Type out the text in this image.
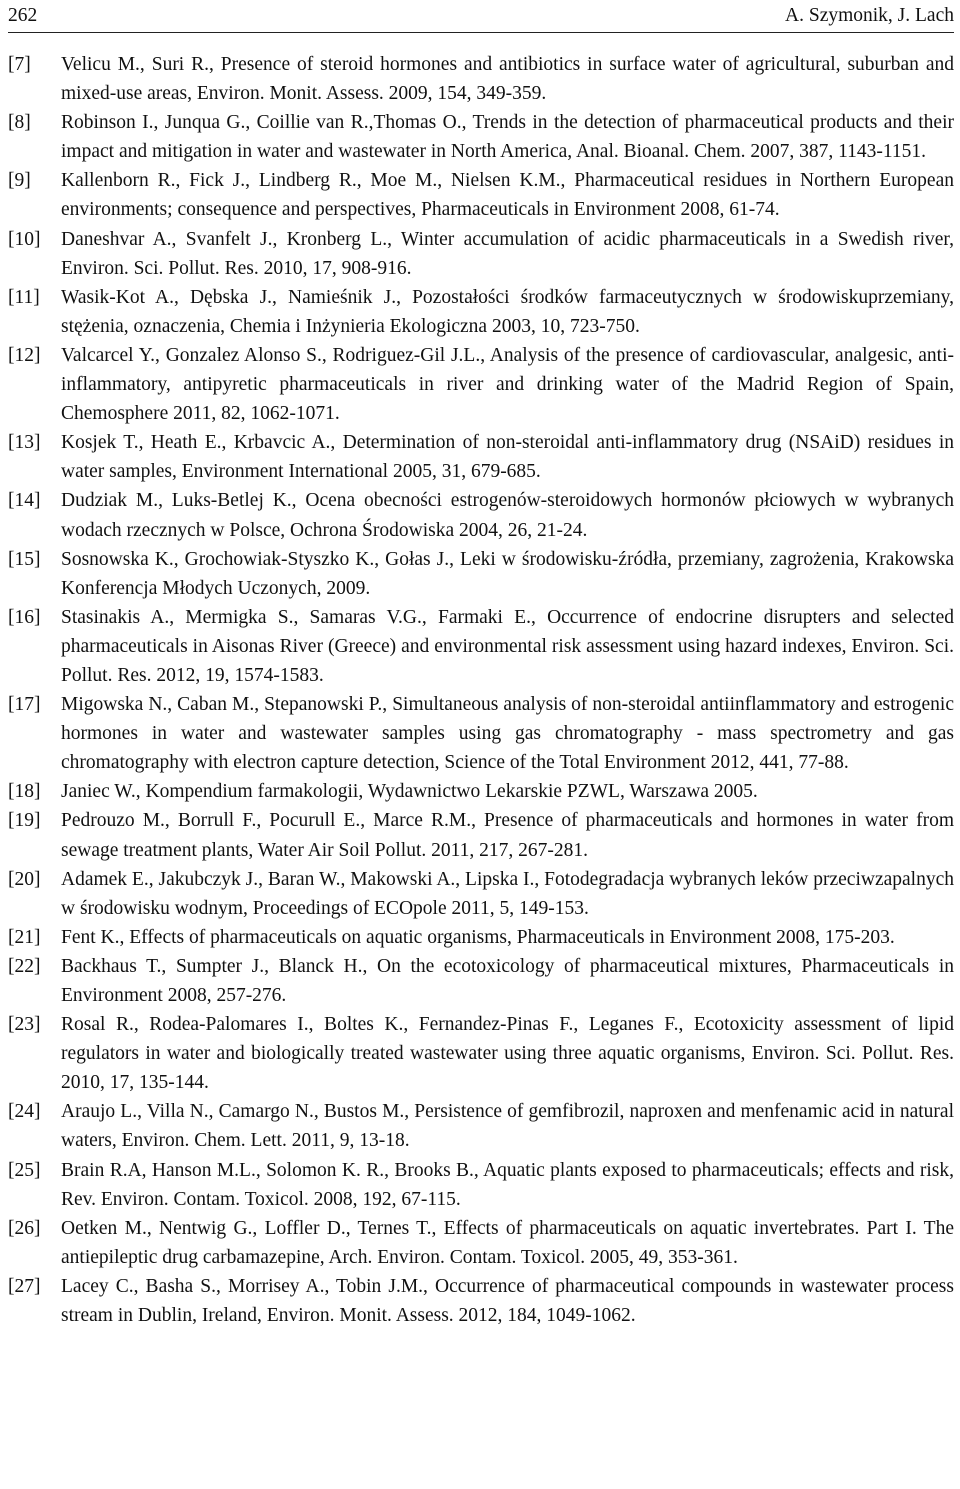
262	A. Szymonik, J. Lach
[7]	Velicu M., Suri R., Presence of steroid hormones and antibiotics in surface water of agricultural, suburban and mixed-use areas, Environ. Monit. Assess. 2009, 154, 349-359.
[8]	Robinson I., Junqua G., Coillie van R.,Thomas O., Trends in the detection of pharmaceutical products and their impact and mitigation in water and wastewater in North America, Anal. Bioanal. Chem. 2007, 387, 1143-1151.
[9]	Kallenborn R., Fick J., Lindberg R., Moe M., Nielsen K.M., Pharmaceutical residues in Northern European environments; consequence and perspectives, Pharmaceuticals in Environment 2008, 61-74.
[10]	Daneshvar A., Svanfelt J., Kronberg L., Winter accumulation of acidic pharmaceuticals in a Swedish river, Environ. Sci. Pollut. Res. 2010, 17, 908-916.
[11]	Wasik-Kot A., Dębska J., Namieśnik J., Pozostałości środków farmaceutycznych w środowiskuprzemiany, stężenia, oznaczenia, Chemia i Inżynieria Ekologiczna 2003, 10, 723-750.
[12]	Valcarcel Y., Gonzalez Alonso S., Rodriguez-Gil J.L., Analysis of the presence of cardiovascular, analgesic, anti-inflammatory, antipyretic pharmaceuticals in river and drinking water of the Madrid Region of Spain, Chemosphere 2011, 82, 1062-1071.
[13]	Kosjek T., Heath E., Krbavcic A., Determination of non-steroidal anti-inflammatory drug (NSAiD) residues in water samples, Environment International 2005, 31, 679-685.
[14]	Dudziak M., Luks-Betlej K., Ocena obecności estrogenów-steroidowych hormonów płciowych w wybranych wodach rzecznych w Polsce, Ochrona Środowiska 2004, 26, 21-24.
[15]	Sosnowska K., Grochowiak-Styszko K., Gołas J., Leki w środowisku-źródła, przemiany, zagrożenia, Krakowska Konferencja Młodych Uczonych, 2009.
[16]	Stasinakis A., Mermigka S., Samaras V.G., Farmaki E., Occurrence of endocrine disrupters and selected pharmaceuticals in Aisonas River (Greece) and environmental risk assessment using hazard indexes, Environ. Sci. Pollut. Res. 2012, 19, 1574-1583.
[17]	Migowska N., Caban M., Stepanowski P., Simultaneous analysis of non-steroidal antiinflammatory and estrogenic hormones in water and wastewater samples using gas chromatography - mass spectrometry and gas chromatography with electron capture detection, Science of the Total Environment 2012, 441, 77-88.
[18]	Janiec W., Kompendium farmakologii, Wydawnictwo Lekarskie PZWL, Warszawa 2005.
[19]	Pedrouzo M., Borrull F., Pocurull E., Marce R.M., Presence of pharmaceuticals and hormones in water from sewage treatment plants, Water Air Soil Pollut. 2011, 217, 267-281.
[20]	Adamek E., Jakubczyk J., Baran W., Makowski A., Lipska I., Fotodegradacja wybranych leków przeciwzapalnych w środowisku wodnym, Proceedings of ECOpole 2011, 5, 149-153.
[21]	Fent K., Effects of pharmaceuticals on aquatic organisms, Pharmaceuticals in Environment 2008, 175-203.
[22]	Backhaus T., Sumpter J., Blanck H., On the ecotoxicology of pharmaceutical mixtures, Pharmaceuticals in Environment 2008, 257-276.
[23]	Rosal R., Rodea-Palomares I., Boltes K., Fernandez-Pinas F., Leganes F., Ecotoxicity assessment of lipid regulators in water and biologically treated wastewater using three aquatic organisms, Environ. Sci. Pollut. Res. 2010, 17, 135-144.
[24]	Araujo L., Villa N., Camargo N., Bustos M., Persistence of gemfibrozil, naproxen and menfenamic acid in natural waters, Environ. Chem. Lett. 2011, 9, 13-18.
[25]	Brain R.A, Hanson M.L., Solomon K. R., Brooks B., Aquatic plants exposed to pharmaceuticals; effects and risk, Rev. Environ. Contam. Toxicol. 2008, 192, 67-115.
[26]	Oetken M., Nentwig G., Loffler D., Ternes T., Effects of pharmaceuticals on aquatic invertebrates. Part I. The antiepileptic drug carbamazepine, Arch. Environ. Contam. Toxicol. 2005, 49, 353-361.
[27]	Lacey C., Basha S., Morrisey A., Tobin J.M., Occurrence of pharmaceutical compounds in wastewater process stream in Dublin, Ireland, Environ. Monit. Assess. 2012, 184, 1049-1062.
